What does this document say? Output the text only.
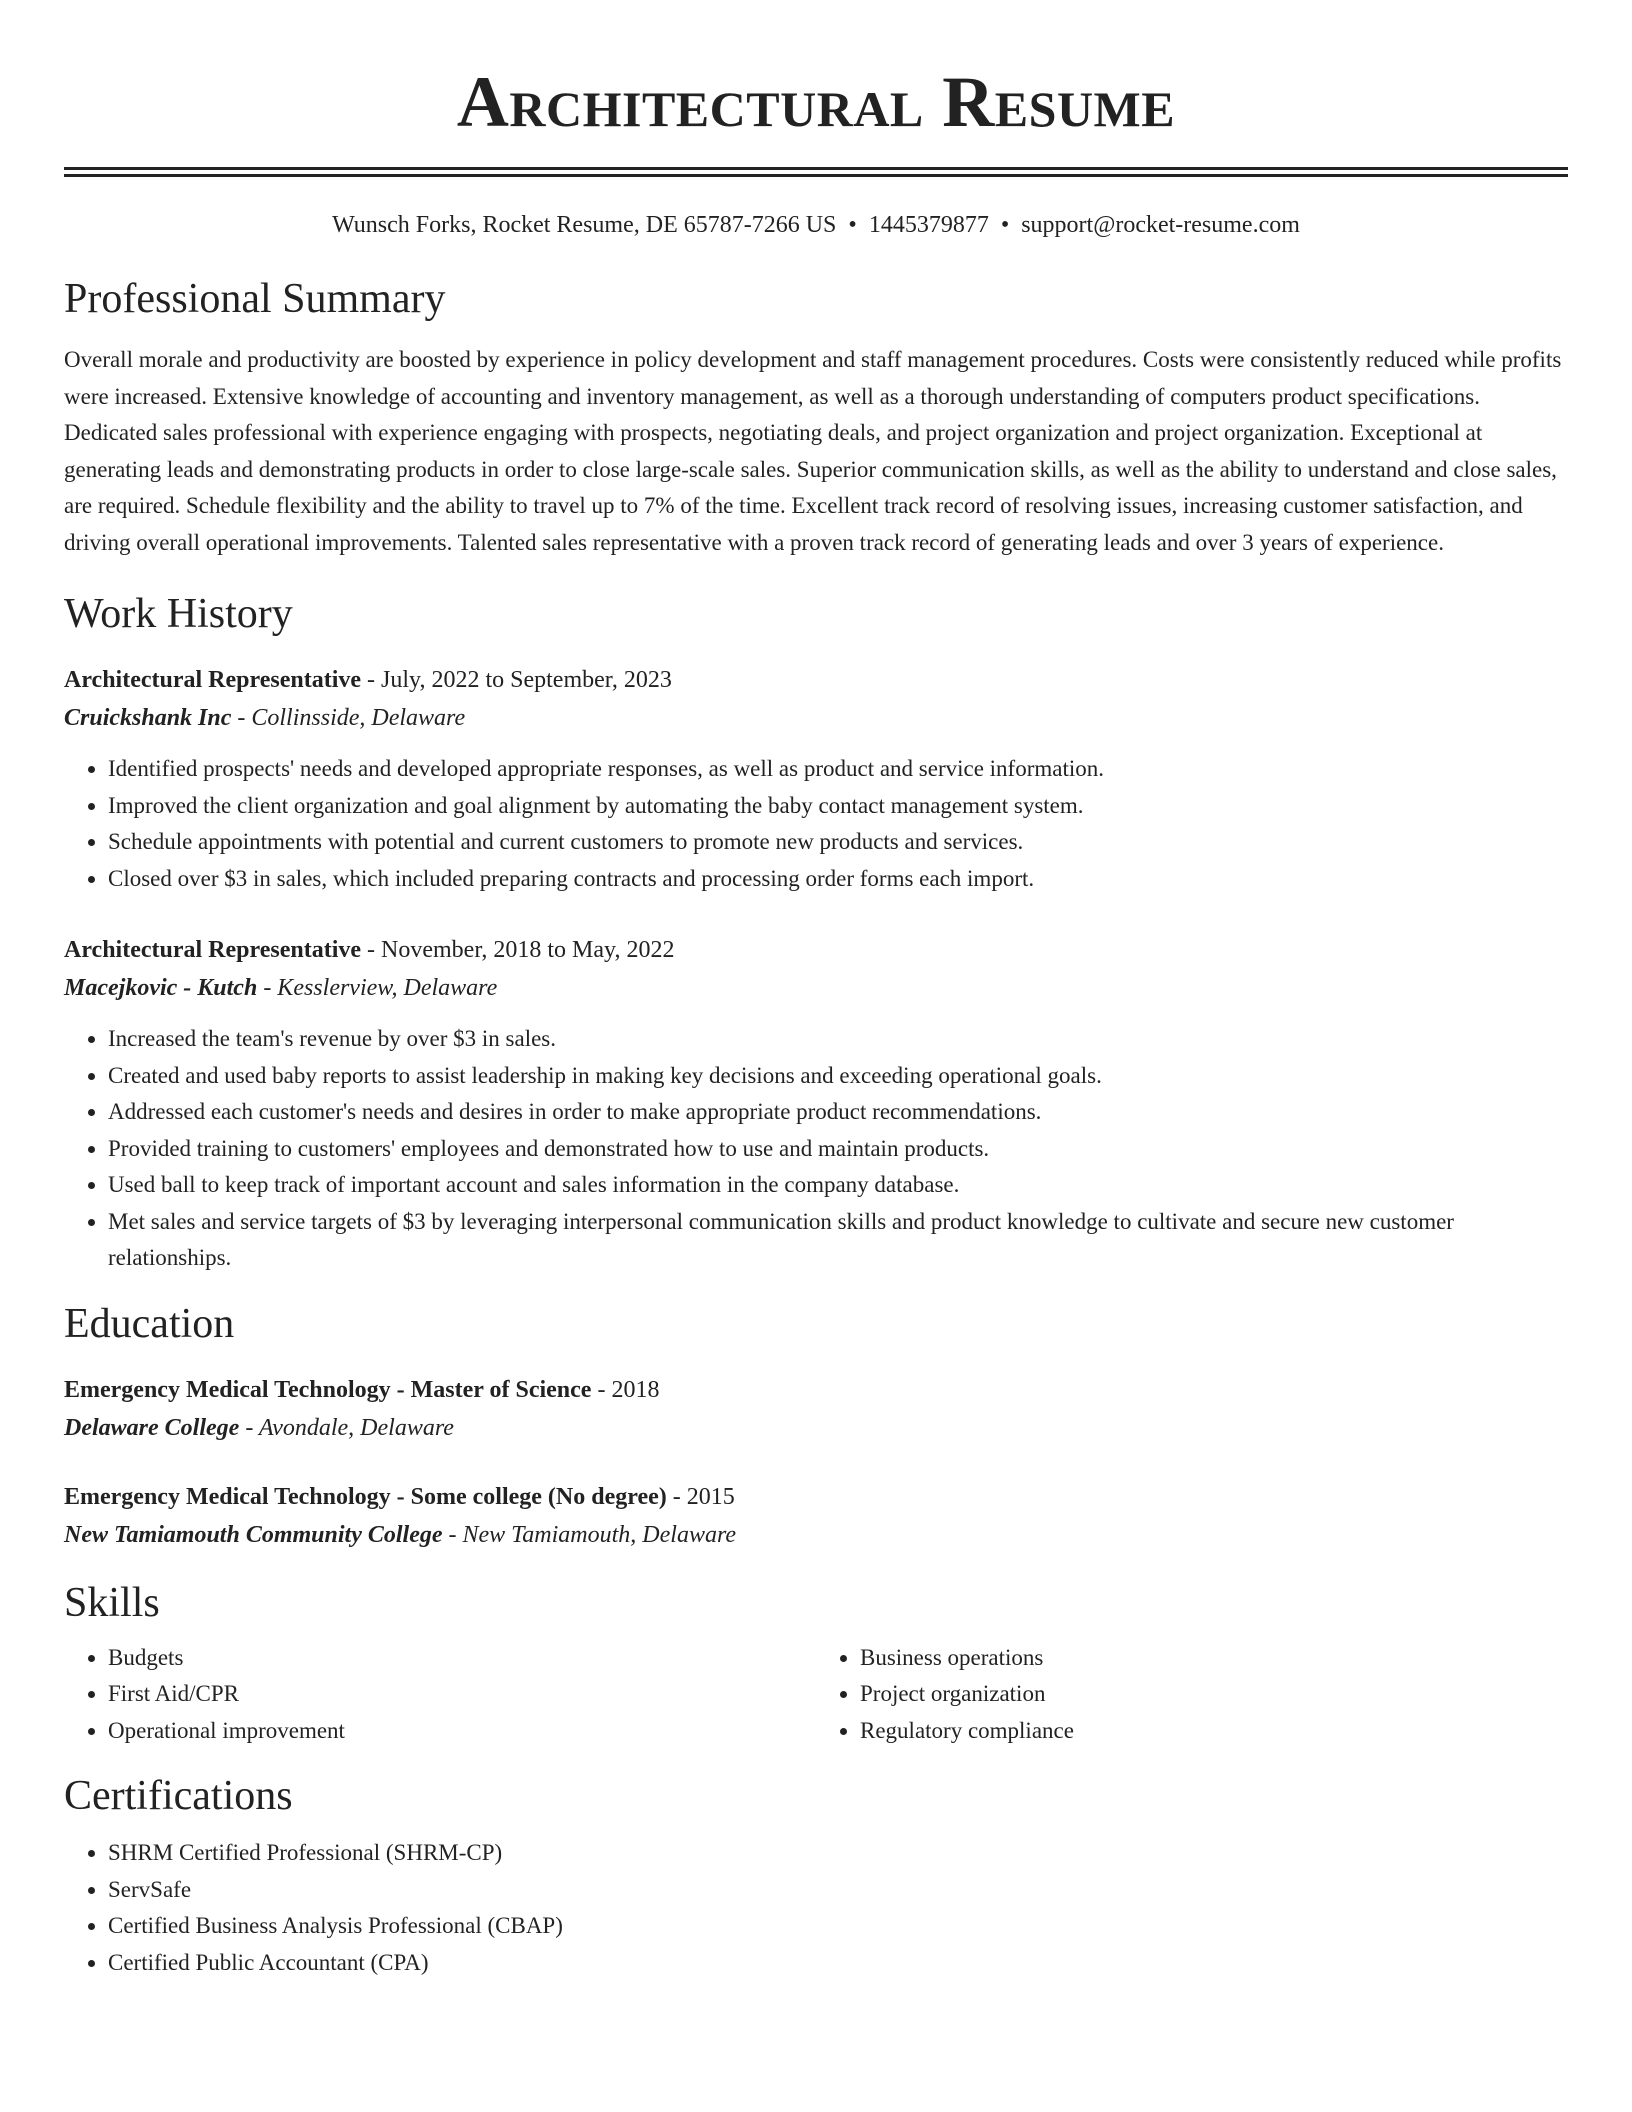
Architectural Resume
Wunsch Forks, Rocket Resume, DE 65787-7266 US • 1445379877 • support@rocket-resume.com
Professional Summary

Overall morale and productivity are boosted by experience in policy development and staff management procedures. Costs were consistently reduced while profits were increased. Extensive knowledge of accounting and inventory management, as well as a thorough understanding of computers product specifications. Dedicated sales professional with experience engaging with prospects, negotiating deals, and project organization and project organization. Exceptional at generating leads and demonstrating products in order to close large-scale sales. Superior communication skills, as well as the ability to understand and close sales, are required. Schedule flexibility and the ability to travel up to 7% of the time. Excellent track record of resolving issues, increasing customer satisfaction, and driving overall operational improvements. Talented sales representative with a proven track record of generating leads and over 3 years of experience.

Work History
Architectural Representative - July, 2022 to September, 2023
Cruickshank Inc - Collinsside, Delaware
• Identified prospects' needs and developed appropriate responses, as well as product and service information.
• Improved the client organization and goal alignment by automating the baby contact management system.
• Schedule appointments with potential and current customers to promote new products and services.
• Closed over $3 in sales, which included preparing contracts and processing order forms each import.
Architectural Representative - November, 2018 to May, 2022
Macejkovic - Kutch - Kesslerview, Delaware
• Increased the team's revenue by over $3 in sales.
• Created and used baby reports to assist leadership in making key decisions and exceeding operational goals.
• Addressed each customer's needs and desires in order to make appropriate product recommendations.
• Provided training to customers' employees and demonstrated how to use and maintain products.
• Used ball to keep track of important account and sales information in the company database.
• Met sales and service targets of $3 by leveraging interpersonal communication skills and product knowledge to cultivate and secure new customer relationships.
Education
Emergency Medical Technology - Master of Science - 2018
Delaware College - Avondale, Delaware
Emergency Medical Technology - Some college (No degree) - 2015
New Tamiamouth Community College - New Tamiamouth, Delaware
Skills
• Budgets
• First Aid/CPR
• Operational improvement
• Business operations
• Project organization
• Regulatory compliance
Certifications
• SHRM Certified Professional (SHRM-CP)
• ServSafe
• Certified Business Analysis Professional (CBAP)
• Certified Public Accountant (CPA)
